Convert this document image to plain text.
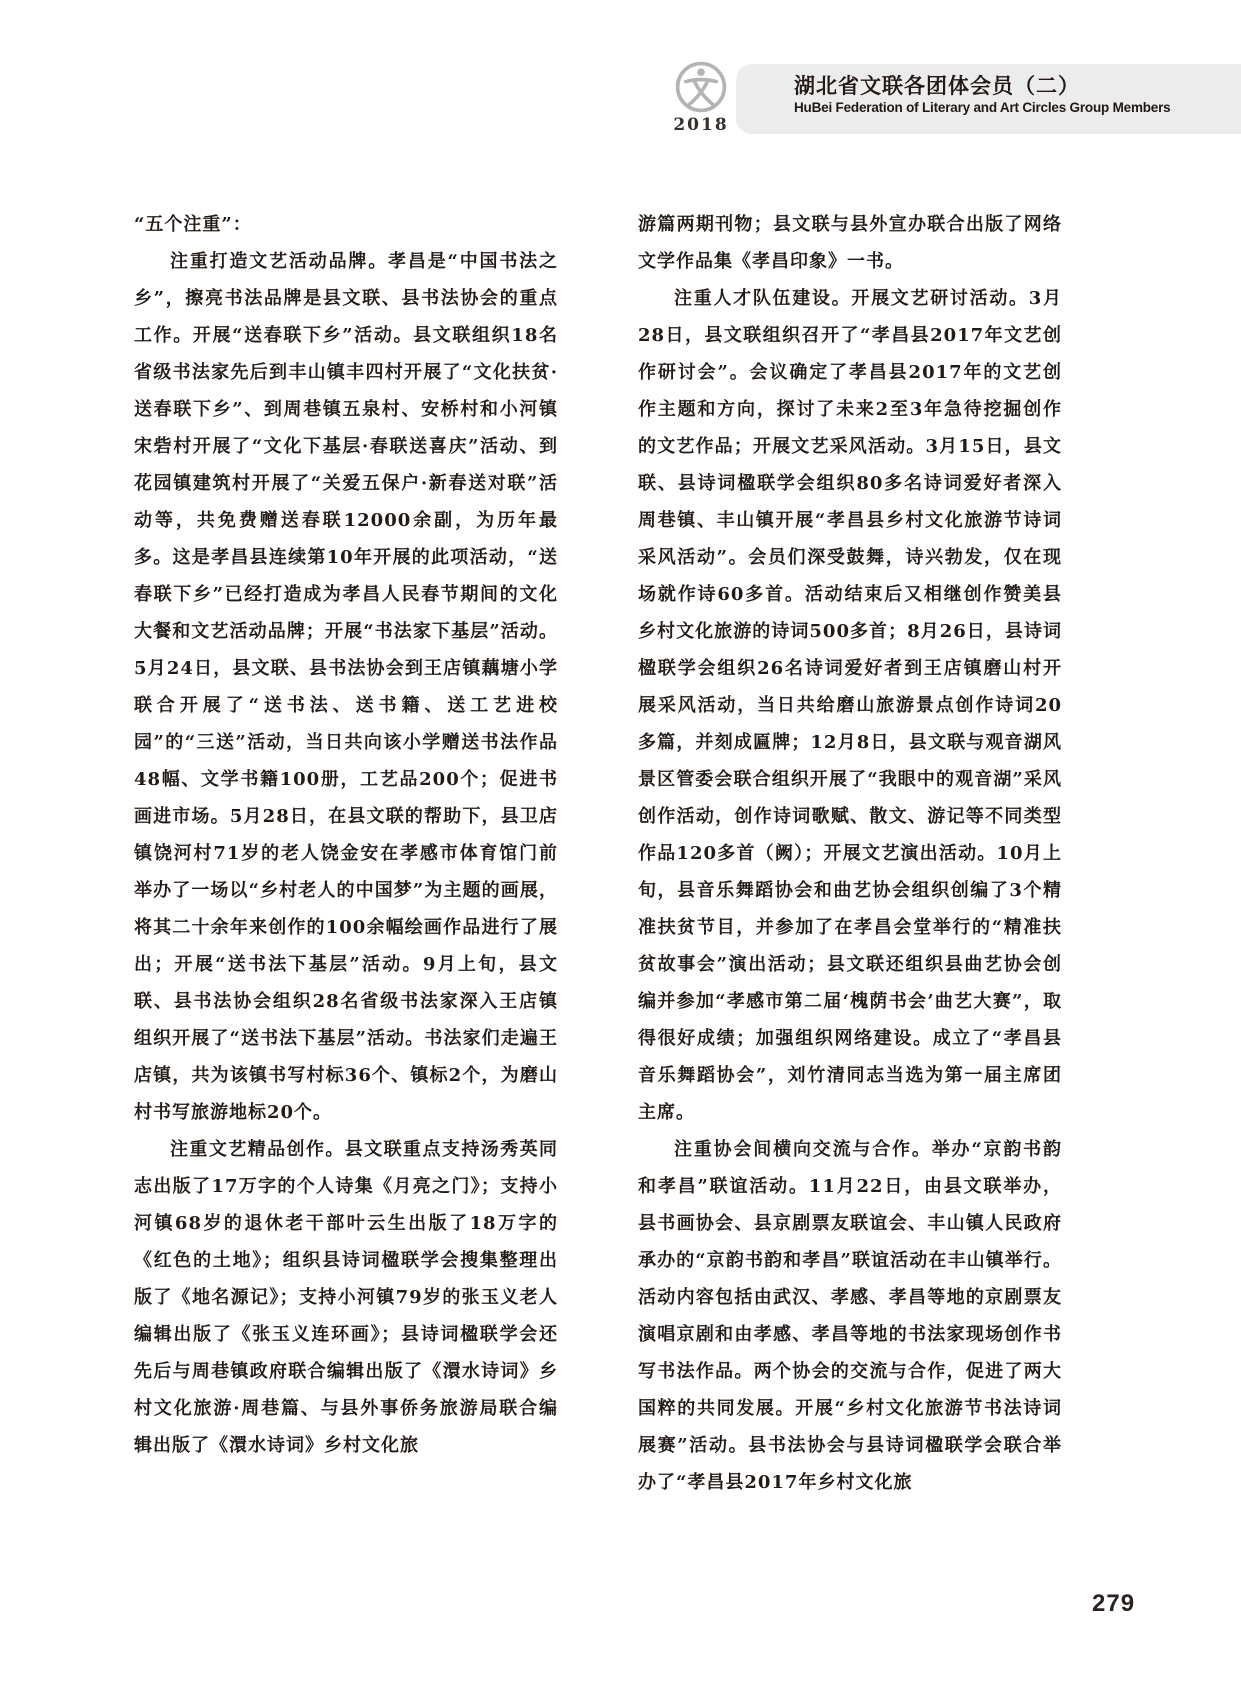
2018
湖北省文联各团体会员（二）
HuBei Federation of Literary and Art Circles Group Members

“五个注重”：

注重打造文艺活动品牌。孝昌是“中国书法之乡”，擦亮书法品牌是县文联、县书法协会的重点工作。开展“送春联下乡”活动。县文联组织18名省级书法家先后到丰山镇丰四村开展了“文化扶贫·送春联下乡”、到周巷镇五泉村、安桥村和小河镇宋砦村开展了“文化下基层·春联送喜庆”活动、到花园镇建筑村开展了“关爱五保户·新春送对联”活动等，共免费赠送春联12000余副，为历年最多。这是孝昌县连续第10年开展的此项活动，“送春联下乡”已经打造成为孝昌人民春节期间的文化大餐和文艺活动品牌；开展“书法家下基层”活动。5月24日，县文联、县书法协会到王店镇藕塘小学联合开展了“送书法、送书籍、送工艺进校园”的“三送”活动，当日共向该小学赠送书法作品48幅、文学书籍100册，工艺品200个；促进书画进市场。5月28日，在县文联的帮助下，县卫店镇饶河村71岁的老人饶金安在孝感市体育馆门前举办了一场以“乡村老人的中国梦”为主题的画展，将其二十余年来创作的100余幅绘画作品进行了展出；开展“送书法下基层”活动。9月上旬，县文联、县书法协会组织28名省级书法家深入王店镇组织开展了“送书法下基层”活动。书法家们走遍王店镇，共为该镇书写村标36个、镇标2个，为磨山村书写旅游地标20个。

注重文艺精品创作。县文联重点支持汤秀英同志出版了17万字的个人诗集《月亮之门》；支持小河镇68岁的退休老干部叶云生出版了18万字的《红色的土地》；组织县诗词楹联学会搜集整理出版了《地名源记》；支持小河镇79岁的张玉义老人编辑出版了《张玉义连环画》；县诗词楹联学会还先后与周巷镇政府联合编辑出版了《澴水诗词》乡村文化旅游·周巷篇、与县外事侨务旅游局联合编辑出版了《澴水诗词》乡村文化旅

游篇两期刊物；县文联与县外宣办联合出版了网络文学作品集《孝昌印象》一书。

注重人才队伍建设。开展文艺研讨活动。3月28日，县文联组织召开了“孝昌县2017年文艺创作研讨会”。会议确定了孝昌县2017年的文艺创作主题和方向，探讨了未来2至3年急待挖掘创作的文艺作品；开展文艺采风活动。3月15日，县文联、县诗词楹联学会组织80多名诗词爱好者深入周巷镇、丰山镇开展“孝昌县乡村文化旅游节诗词采风活动”。会员们深受鼓舞，诗兴勃发，仅在现场就作诗60多首。活动结束后又相继创作赞美县乡村文化旅游的诗词500多首；8月26日，县诗词楹联学会组织26名诗词爱好者到王店镇磨山村开展采风活动，当日共给磨山旅游景点创作诗词20多篇，并刻成匾牌；12月8日，县文联与观音湖风景区管委会联合组织开展了“我眼中的观音湖”采风创作活动，创作诗词歌赋、散文、游记等不同类型作品120多首（阙）；开展文艺演出活动。10月上旬，县音乐舞蹈协会和曲艺协会组织创编了3个精准扶贫节目，并参加了在孝昌会堂举行的“精准扶贫故事会”演出活动；县文联还组织县曲艺协会创编并参加“孝感市第二届‘槐荫书会’曲艺大赛”，取得很好成绩；加强组织网络建设。成立了“孝昌县音乐舞蹈协会”，刘竹清同志当选为第一届主席团主席。

注重协会间横向交流与合作。举办“京韵书韵和孝昌”联谊活动。11月22日，由县文联举办，县书画协会、县京剧票友联谊会、丰山镇人民政府承办的“京韵书韵和孝昌”联谊活动在丰山镇举行。活动内容包括由武汉、孝感、孝昌等地的京剧票友演唱京剧和由孝感、孝昌等地的书法家现场创作书写书法作品。两个协会的交流与合作，促进了两大国粹的共同发展。开展“乡村文化旅游节书法诗词展赛”活动。县书法协会与县诗词楹联学会联合举办了“孝昌县2017年乡村文化旅

279
